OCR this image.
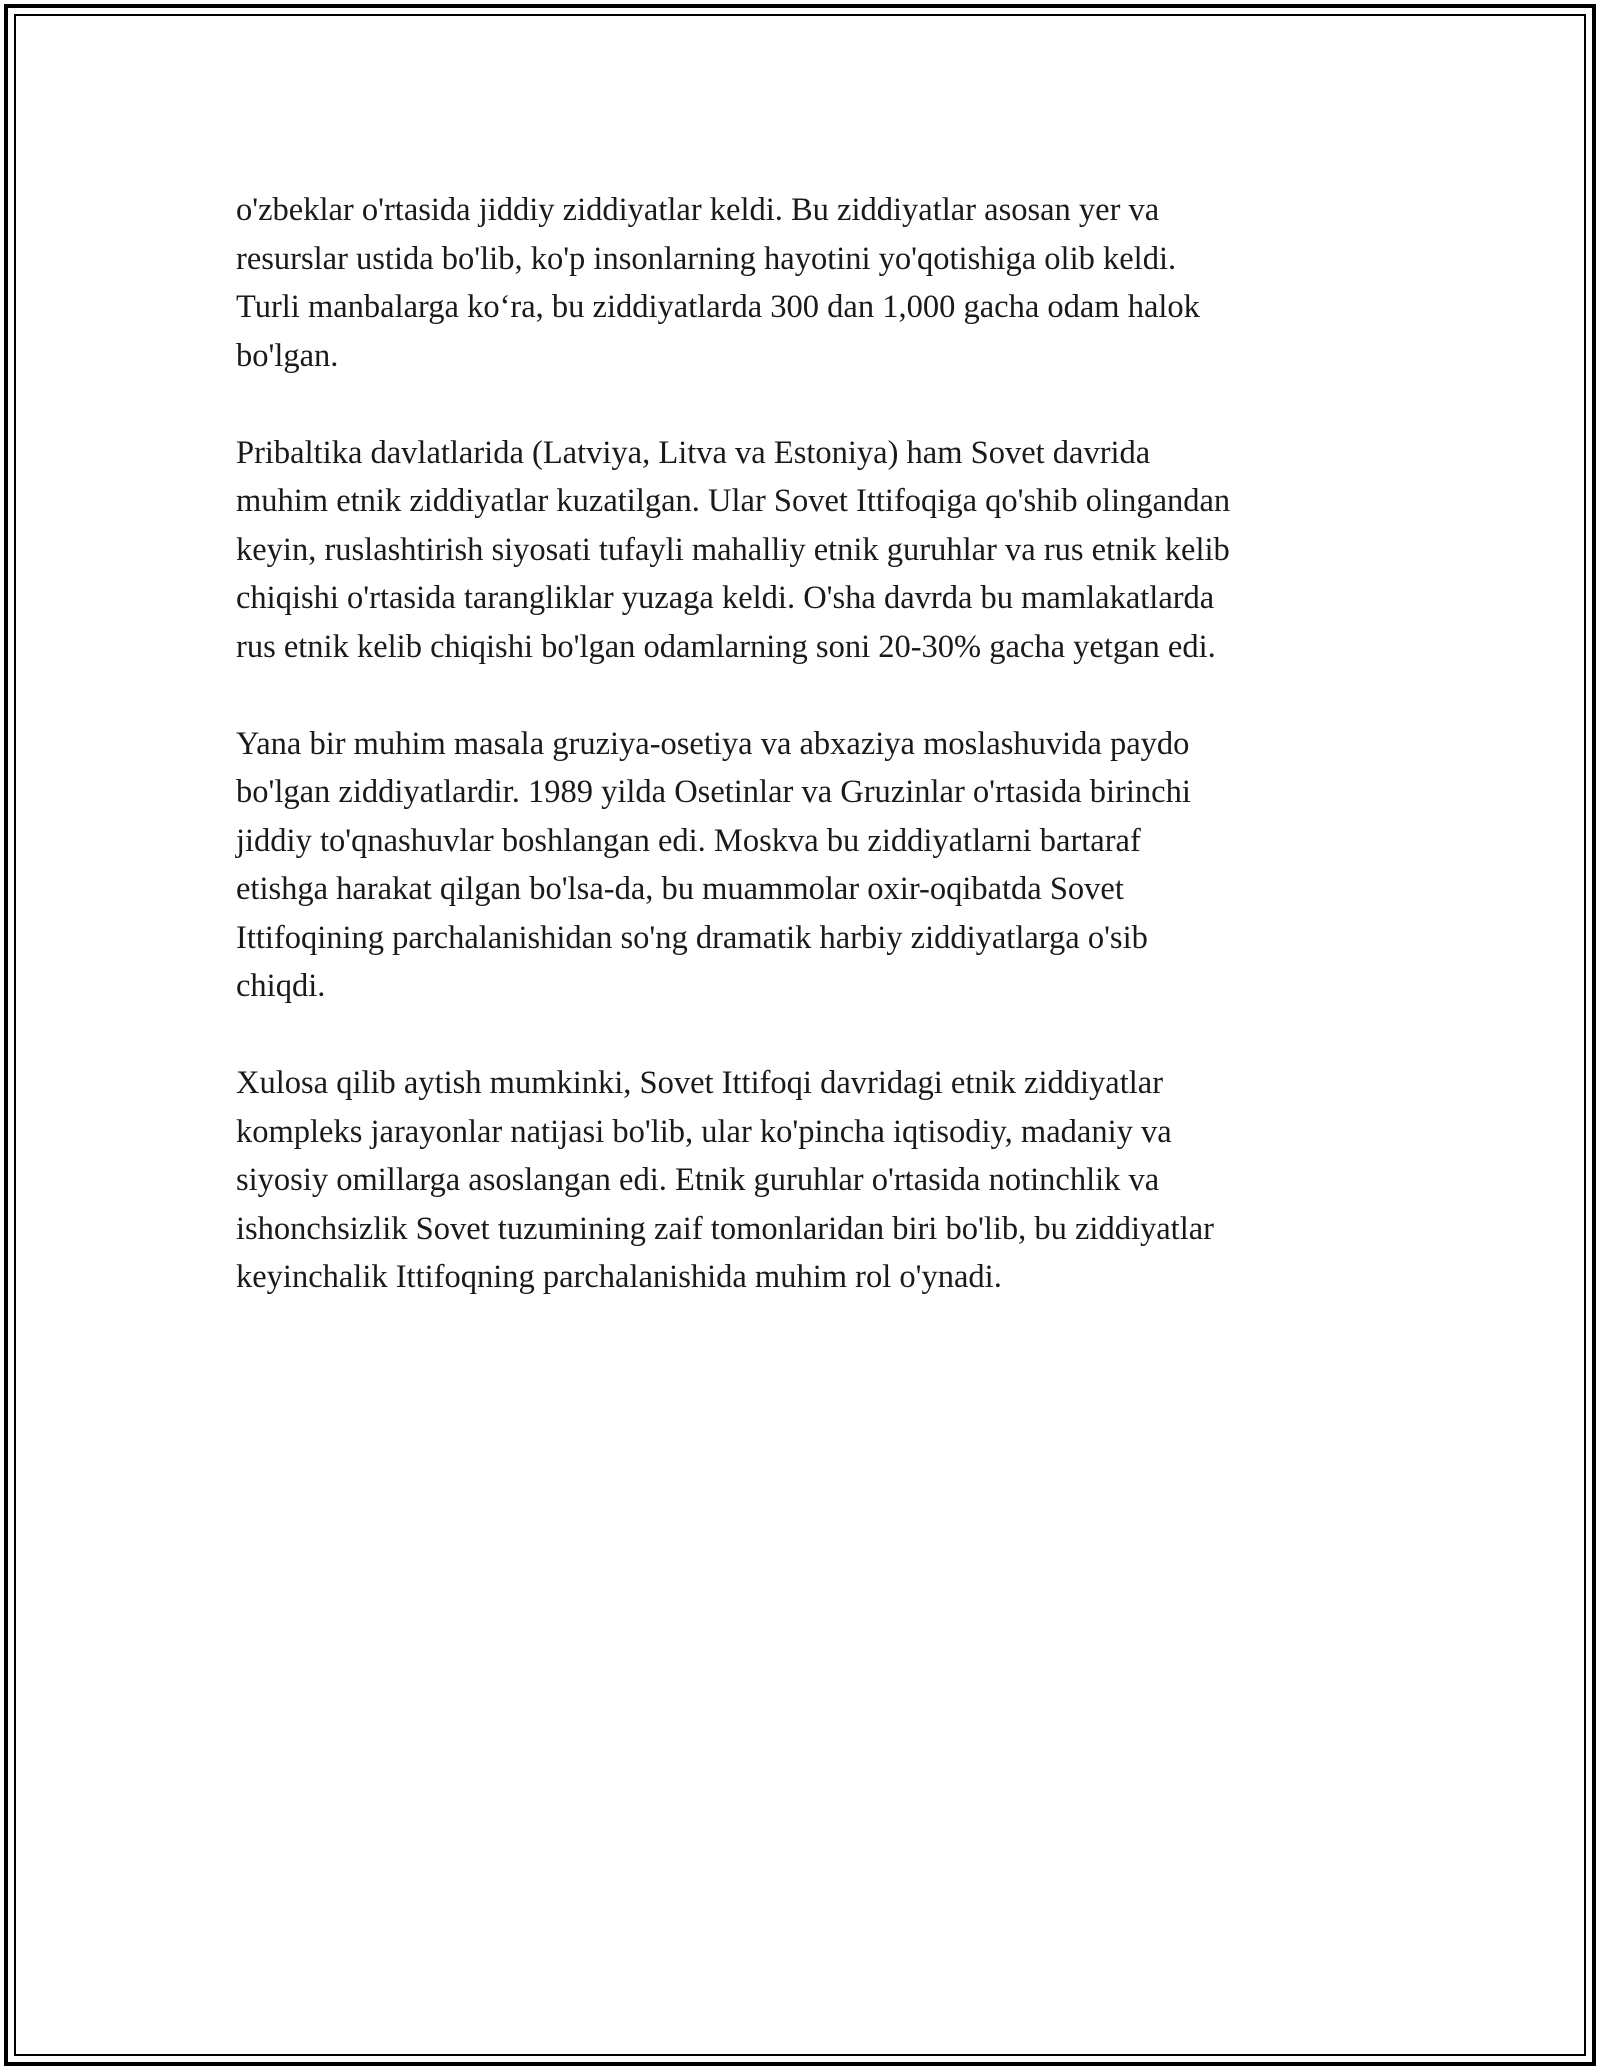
o'zbeklar o'rtasida jiddiy ziddiyatlar keldi. Bu ziddiyatlar asosan yer va
resurslar ustida bo'lib, ko'p insonlarning hayotini yo'qotishiga olib keldi.
Turli manbalarga ko‘ra, bu ziddiyatlarda 300 dan 1,000 gacha odam halok
bo'lgan.

Pribaltika davlatlarida (Latviya, Litva va Estoniya) ham Sovet davrida
muhim etnik ziddiyatlar kuzatilgan. Ular Sovet Ittifoqiga qo'shib olingandan
keyin, ruslashtirish siyosati tufayli mahalliy etnik guruhlar va rus etnik kelib
chiqishi o'rtasida tarangliklar yuzaga keldi. O'sha davrda bu mamlakatlarda
rus etnik kelib chiqishi bo'lgan odamlarning soni 20-30% gacha yetgan edi.

Yana bir muhim masala gruziya-osetiya va abxaziya moslashuvida paydo
bo'lgan ziddiyatlardir. 1989 yilda Osetinlar va Gruzinlar o'rtasida birinchi
jiddiy to'qnashuvlar boshlangan edi. Moskva bu ziddiyatlarni bartaraf
etishga harakat qilgan bo'lsa-da, bu muammolar oxir-oqibatda Sovet
Ittifoqining parchalanishidan so'ng dramatik harbiy ziddiyatlarga o'sib
chiqdi.

Xulosa qilib aytish mumkinki, Sovet Ittifoqi davridagi etnik ziddiyatlar
kompleks jarayonlar natijasi bo'lib, ular ko'pincha iqtisodiy, madaniy va
siyosiy omillarga asoslangan edi. Etnik guruhlar o'rtasida notinchlik va
ishonchsizlik Sovet tuzumining zaif tomonlaridan biri bo'lib, bu ziddiyatlar
keyinchalik Ittifoqning parchalanishida muhim rol o'ynadi.
